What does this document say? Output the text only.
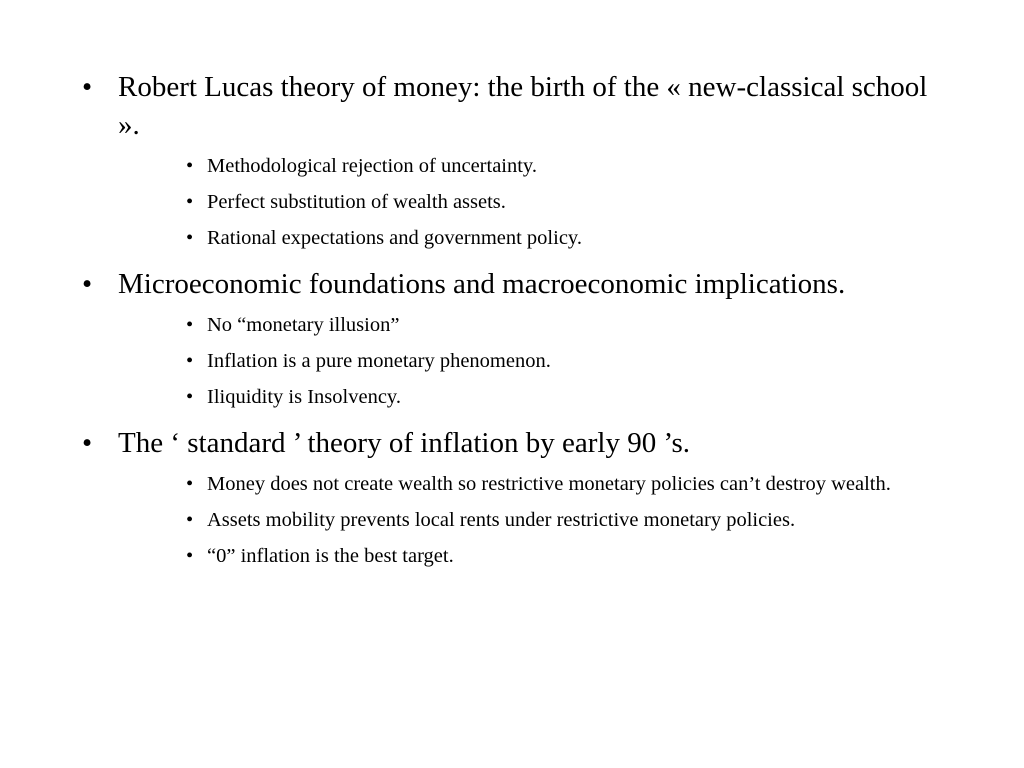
• Robert Lucas theory of money: the birth of the « new-classical school ».
• Methodological rejection of uncertainty.
• Perfect substitution of wealth assets.
• Rational expectations and government policy.
• Microeconomic foundations and macroeconomic implications.
• No “monetary illusion”
• Inflation is a pure monetary phenomenon.
• Iliquidity is Insolvency.
• The ‘ standard ’ theory of inflation by early 90 ’s.
• Money does not create wealth so restrictive monetary policies can’t destroy wealth.
• Assets mobility prevents local rents under restrictive monetary policies.
• “0” inflation is the best target.
